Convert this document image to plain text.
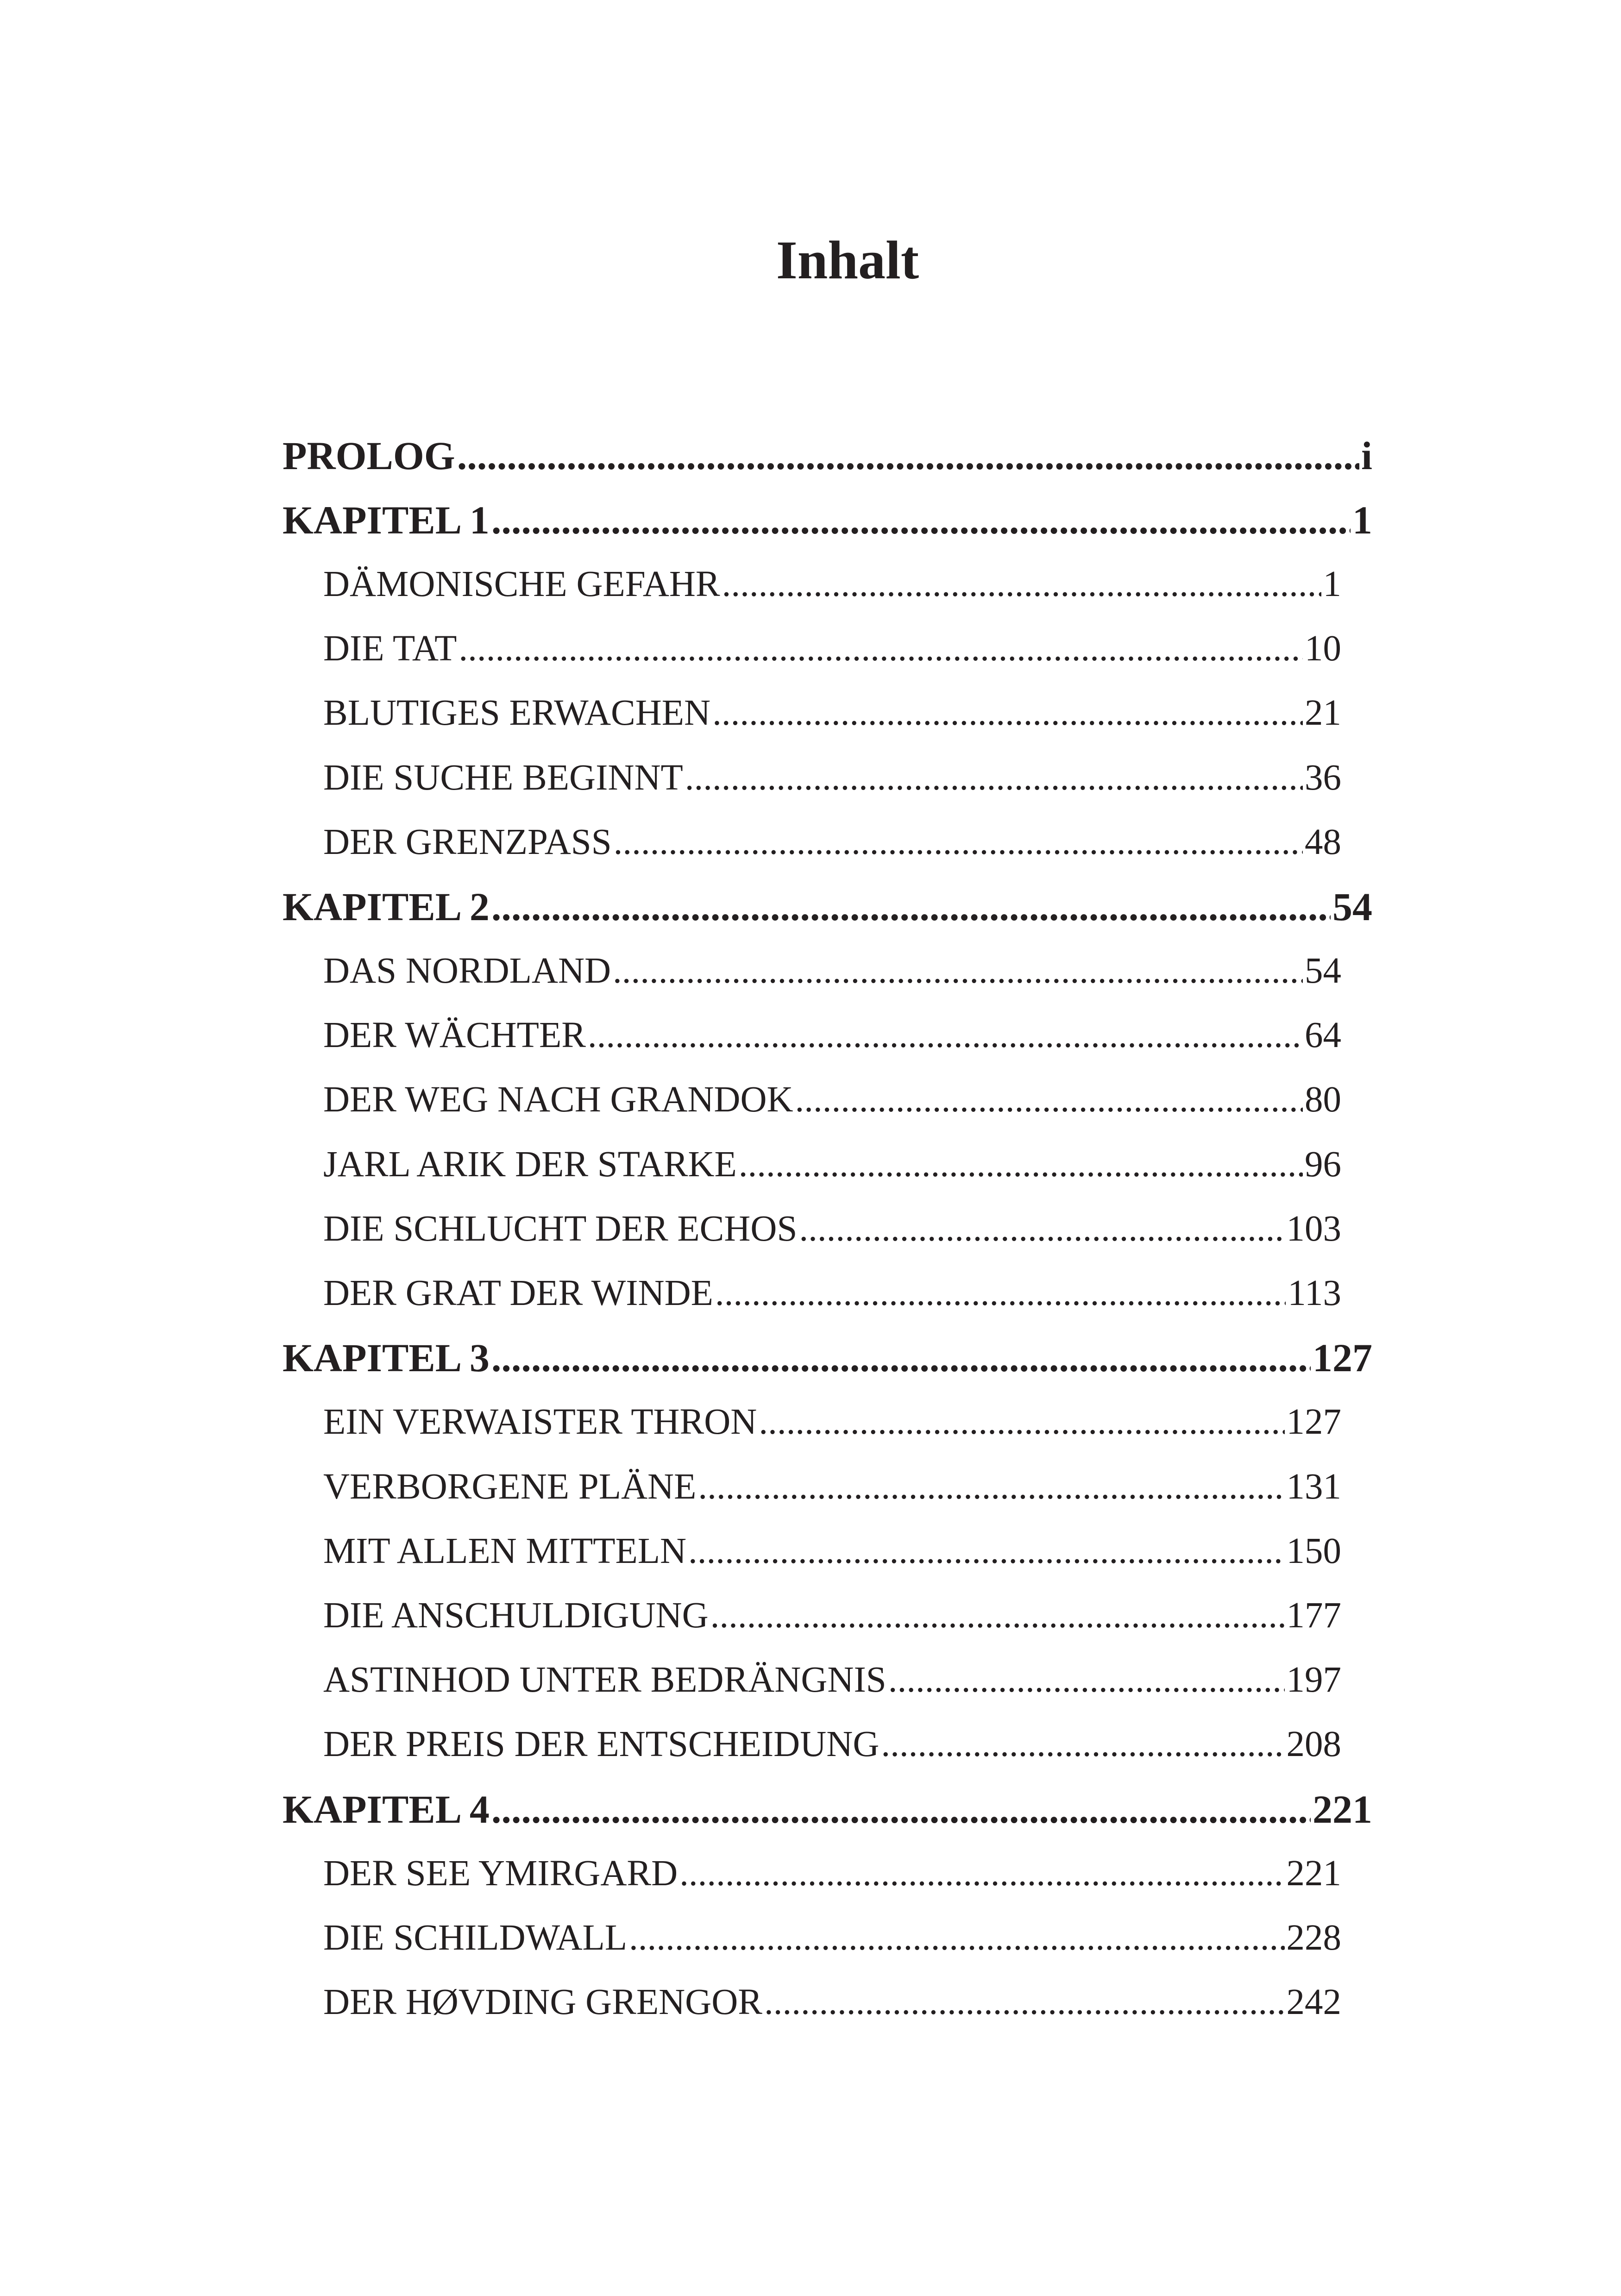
Inhalt
PROLOG .....	i
KAPITEL 1 .....	1
DÄMONISCHE GEFAHR .....	1
DIE TAT .....	10
BLUTIGES ERWACHEN .....	21
DIE SUCHE BEGINNT .....	36
DER GRENZPASS .....	48
KAPITEL 2 .....	54
DAS NORDLAND .....	54
DER WÄCHTER .....	64
DER WEG NACH GRANDOK .....	80
JARL ARIK DER STARKE .....	96
DIE SCHLUCHT DER ECHOS .....	103
DER GRAT DER WINDE .....	113
KAPITEL 3 .....	127
EIN VERWAISTER THRON .....	127
VERBORGENE PLÄNE .....	131
MIT ALLEN MITTELN .....	150
DIE ANSCHULDIGUNG .....	177
ASTINHOD UNTER BEDRÄNGNIS .....	197
DER PREIS DER ENTSCHEIDUNG .....	208
KAPITEL 4 .....	221
DER SEE YMIRGARD .....	221
DIE SCHILDWALL .....	228
DER HØVDING GRENGOR .....	242
